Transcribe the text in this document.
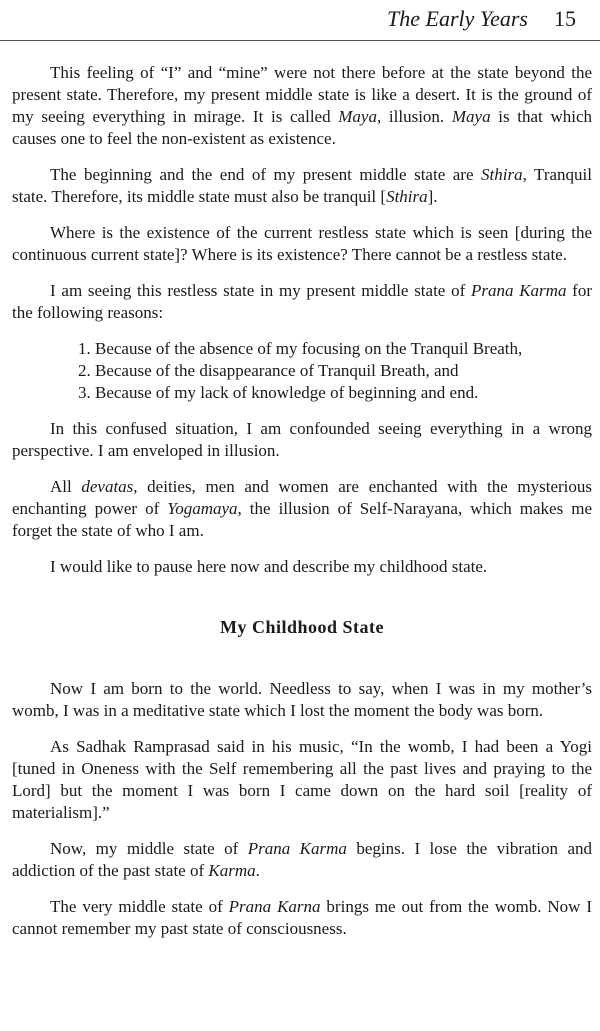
The Early Years 15

This feeling of “I” and “mine” were not there before at the state beyond the present state. Therefore, my present middle state is like a desert. It is the ground of my seeing everything in mirage. It is called Maya, illusion. Maya is that which causes one to feel the non-existent as existence.

The beginning and the end of my present middle state are Sthira, Tranquil state. Therefore, its middle state must also be tranquil [Sthira].

Where is the existence of the current restless state which is seen [during the continuous current state]? Where is its existence? There cannot be a restless state.

I am seeing this restless state in my present middle state of Prana Karma for the following reasons:

1. Because of the absence of my focusing on the Tranquil Breath,
2. Because of the disappearance of Tranquil Breath, and
3. Because of my lack of knowledge of beginning and end.

In this confused situation, I am confounded seeing everything in a wrong perspective. I am enveloped in illusion.

All devatas, deities, men and women are enchanted with the mysterious enchanting power of Yogamaya, the illusion of Self-Narayana, which makes me forget the state of who I am.

I would like to pause here now and describe my childhood state.

My Childhood State

Now I am born to the world. Needless to say, when I was in my mother’s womb, I was in a meditative state which I lost the moment the body was born.

As Sadhak Ramprasad said in his music, “In the womb, I had been a Yogi [tuned in Oneness with the Self remembering all the past lives and praying to the Lord] but the moment I was born I came down on the hard soil [reality of materialism].”

Now, my middle state of Prana Karma begins. I lose the vibration and addiction of the past state of Karma.

The very middle state of Prana Karna brings me out from the womb. Now I cannot remember my past state of consciousness.
